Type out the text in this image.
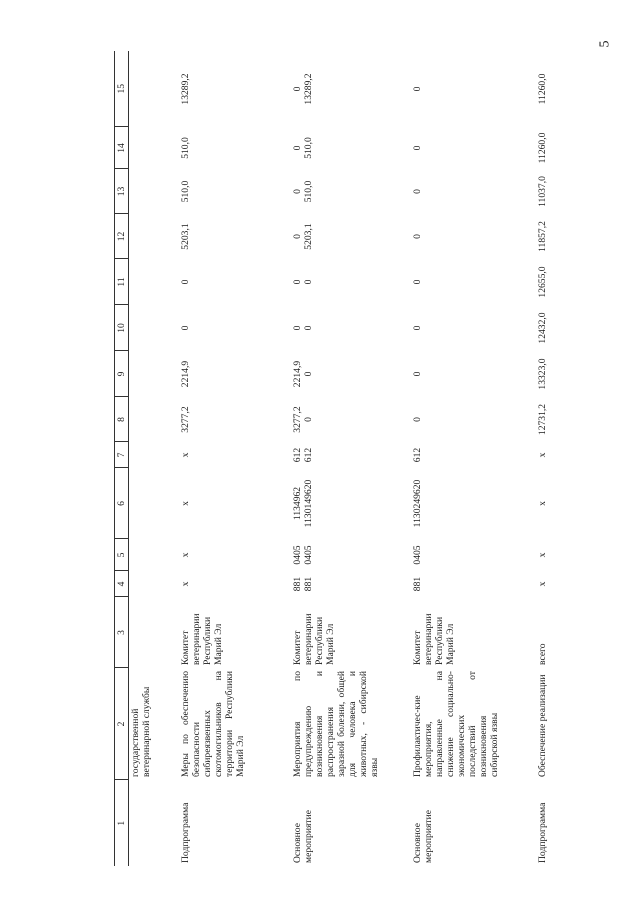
5
1	2	3	4	5	6	7	8	9	10	11	12	13	14	15
	государственной ветеринарной службы													
Подпрограмма	Меры по обеспечению безопасности сибиреязвенных скотомогильников на территории Республики Марий Эл	Комитет ветеринарии Республики Марий Эл	x	x	x	x	3277,2	2214,9	0	0	5203,1	510,0	510,0	13289,2
Основное мероприятие	Мероприятия по предупреждению возникновения и распространения заразной болезни, общей для человека и животных, - сибирской язвы	Комитет ветеринарии Республики Марий Эл	881 881	0405 0405	1134962 1130149620	612 612	3277,2 0	2214,9 0	0 0	0 0	0 5203,1	0 510,0	0 510,0	0 13289,2

Основное мероприятие	Профилактичес-кие мероприятия, направленные на снижение социально-экономических последствий от возникновения сибирской язвы	Комитет ветеринарии Республики Марий Эл	881	0405	1130249620	612	0	0	0	0	0	0	0	0
Подпрограмма	Обеспечение реализации	всего	x	x	x	x	12731,2	13323,0	12432,0	12655,0	11857,2	11037,0	11260,0	11260,0
